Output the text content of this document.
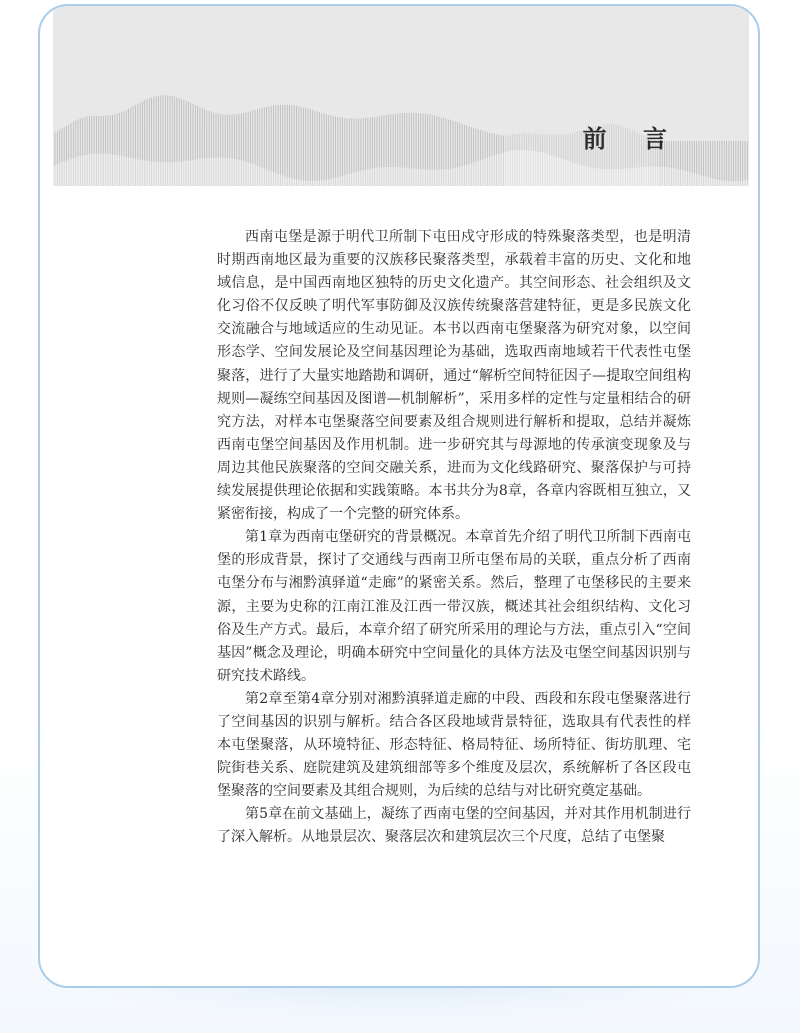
前 言

西南屯堡是源于明代卫所制下屯田戍守形成的特殊聚落类型，也是明清时期西南地区最为重要的汉族移民聚落类型，承载着丰富的历史、文化和地域信息，是中国西南地区独特的历史文化遗产。其空间形态、社会组织及文化习俗不仅反映了明代军事防御及汉族传统聚落营建特征，更是多民族文化交流融合与地域适应的生动见证。本书以西南屯堡聚落为研究对象，以空间形态学、空间发展论及空间基因理论为基础，选取西南地域若干代表性屯堡聚落，进行了大量实地踏勘和调研，通过“解析空间特征因子—提取空间组构规则—凝练空间基因及图谱—机制解析”，采用多样的定性与定量相结合的研究方法，对样本屯堡聚落空间要素及组合规则进行解析和提取，总结并凝炼西南屯堡空间基因及作用机制。进一步研究其与母源地的传承演变现象及与周边其他民族聚落的空间交融关系，进而为文化线路研究、聚落保护与可持续发展提供理论依据和实践策略。本书共分为8章，各章内容既相互独立，又紧密衔接，构成了一个完整的研究体系。

第1章为西南屯堡研究的背景概况。本章首先介绍了明代卫所制下西南屯堡的形成背景，探讨了交通线与西南卫所屯堡布局的关联，重点分析了西南屯堡分布与湘黔滇驿道“走廊”的紧密关系。然后，整理了屯堡移民的主要来源，主要为史称的江南江淮及江西一带汉族，概述其社会组织结构、文化习俗及生产方式。最后，本章介绍了研究所采用的理论与方法，重点引入“空间基因”概念及理论，明确本研究中空间量化的具体方法及屯堡空间基因识别与研究技术路线。

第2章至第4章分别对湘黔滇驿道走廊的中段、西段和东段屯堡聚落进行了空间基因的识别与解析。结合各区段地域背景特征，选取具有代表性的样本屯堡聚落，从环境特征、形态特征、格局特征、场所特征、街坊肌理、宅院街巷关系、庭院建筑及建筑细部等多个维度及层次，系统解析了各区段屯堡聚落的空间要素及其组合规则，为后续的总结与对比研究奠定基础。

第5章在前文基础上，凝练了西南屯堡的空间基因，并对其作用机制进行了深入解析。从地景层次、聚落层次和建筑层次三个尺度，总结了屯堡聚
